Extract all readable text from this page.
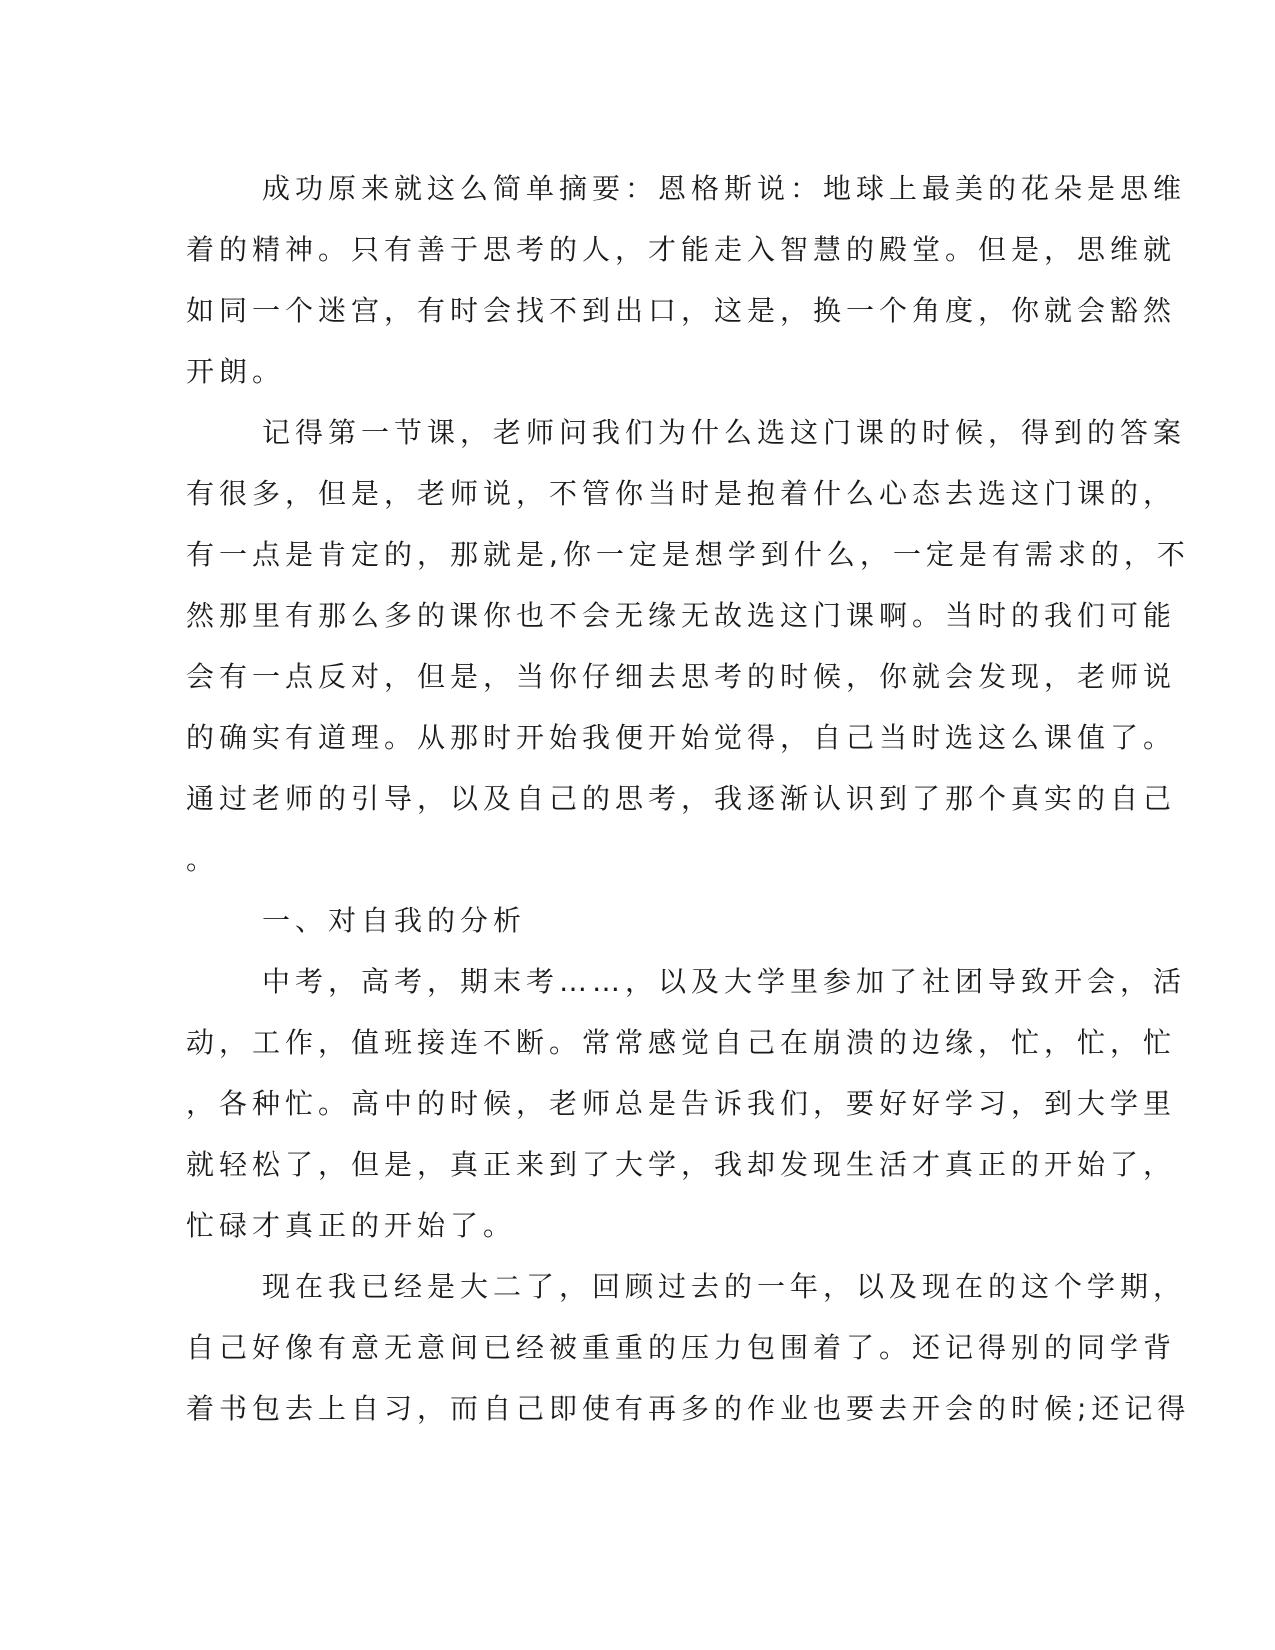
成功原来就这么简单摘要：恩格斯说：地球上最美的花朵是思维
着的精神。只有善于思考的人，才能走入智慧的殿堂。但是，思维就
如同一个迷宫，有时会找不到出口，这是，换一个角度，你就会豁然
开朗。
记得第一节课，老师问我们为什么选这门课的时候，得到的答案
有很多，但是，老师说，不管你当时是抱着什么心态去选这门课的，
有一点是肯定的，那就是,你一定是想学到什么，一定是有需求的，不
然那里有那么多的课你也不会无缘无故选这门课啊。当时的我们可能
会有一点反对，但是，当你仔细去思考的时候，你就会发现，老师说
的确实有道理。从那时开始我便开始觉得，自己当时选这么课值了。
通过老师的引导，以及自己的思考，我逐渐认识到了那个真实的自己
。
一、对自我的分析
中考，高考，期末考……，以及大学里参加了社团导致开会，活
动，工作，值班接连不断。常常感觉自己在崩溃的边缘，忙，忙，忙
，各种忙。高中的时候，老师总是告诉我们，要好好学习，到大学里
就轻松了，但是，真正来到了大学，我却发现生活才真正的开始了，
忙碌才真正的开始了。
现在我已经是大二了，回顾过去的一年，以及现在的这个学期，
自己好像有意无意间已经被重重的压力包围着了。还记得别的同学背
着书包去上自习，而自己即使有再多的作业也要去开会的时候;还记得
